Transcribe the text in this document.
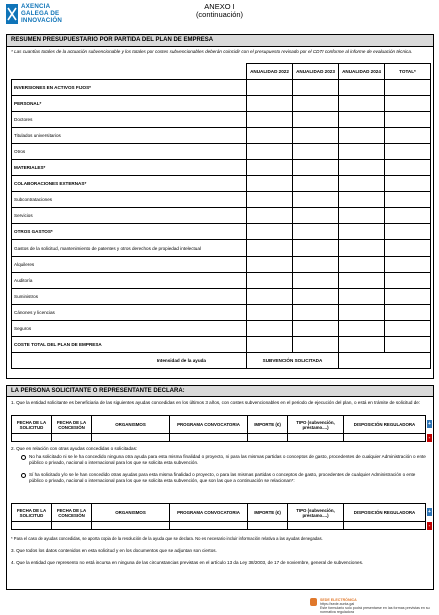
AXENCIA
GALEGA DE
INNOVACIÓN
ANEXO I
(continuación)
RESUMEN PRESUPUESTARIO POR PARTIDA DEL PLAN DE EMPRESA
* Las cuantías totales de la actuación subvencionable y los totales por costes subvencionables deberán coincidir con el presupuesto revisado por el CDTI conforme al informe de evaluación técnica.
	ANUALIDAD 2022	ANUALIDAD 2023	ANUALIDAD 2024	TOTAL*
INVERSIONES EN ACTIVOS FIJOS*				
PERSONAL*				
Doctores				
Titulados universitarios				
Otros				
MATERIALES*				
COLABORACIONES EXTERNAS*				
Subcontrataciones				
Servicios				
OTROS GASTOS*				
Gastos de la solicitud, mantenimiento de patentes y otros derechos de propiedad intelectual				
Alquileres				
Auditoría				
Suministros				
Cánones y licencias				
Seguros				
COSTE TOTAL DEL PLAN DE EMPRESA				
Intensidad de la ayuda	SUBVENCIÓN SOLICITADA			
LA PERSONA SOLICITANTE O REPRESENTANTE DECLARA:
1. Que la entidad solicitante es beneficiaria de las siguientes ayudas concedidas en los últimos 3 años, con costes subvencionables en el periodo de ejecución del plan, o está en trámite de solicitud de:
FECHA DE LA SOLICITUD	FECHA DE LA CONCESIÓN	ORGANISMOS	PROGRAMA CONVOCATORIA	IMPORTE (€)	TIPO (subvención, préstamo....)	DISPOSICIÓN REGULADORA
							+
-
2. Que en relación con otras ayudas concedidas o solicitadas:
No ha solicitado ni se le ha concedido ninguna otra ayuda para esta misma finalidad o proyecto, ni para las mismas partidas o conceptos de gasto, procedentes de cualquier Administración o ente público o privado, nacional o internacional para los que se solicita esta subvención.
Sí ha solicitado y/o se le han concedido otras ayudas para esta misma finalidad o proyecto, o para las mismas partidas o conceptos de gasto, procedentes de cualquier Administración o ente público o privado, nacional o internacional para los que se solicita esta subvención, que son las que a continuación se relacionan*:
FECHA DE LA SOLICITUD	FECHA DE LA CONCESIÓN	ORGANISMOS	PROGRAMA CONVOCATORIA	IMPORTE (€)	TIPO (subvención, préstamo....)	DISPOSICIÓN REGULADORA
							+
-
* Para el caso de ayudas concedidas, se aporta copia de la resolución de la ayuda que se declara. No es necesario incluir información relativa a las ayudas denegadas.
3. Que todos los datos contenidos en esta solicitud y en los documentos que se adjuntan son ciertos.
4. Que la entidad que represento no está incursa en ninguna de las circunstancias previstas en el artículo 13 da Ley 38/2003, de 17 de noviembre, general de subvenciones.
SEDE ELECTRÓNICA
https://sede.xunta.gal
Este formulario solo podrá presentarse en las formas previstas en su normativa reguladora
